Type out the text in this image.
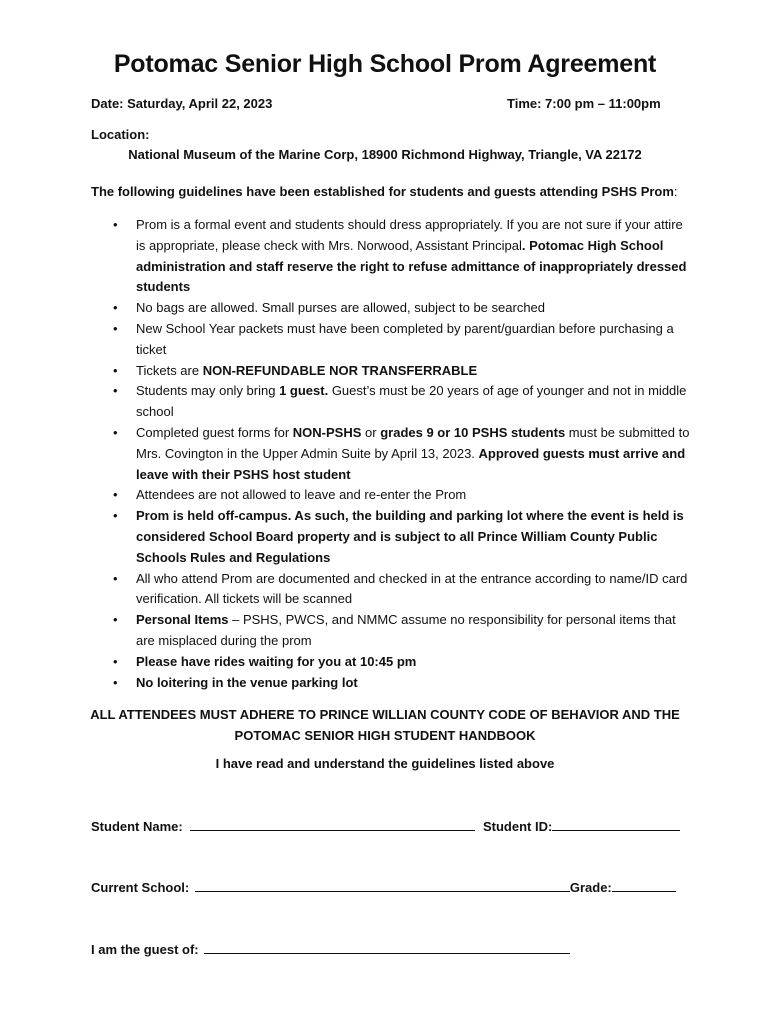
Potomac Senior High School Prom Agreement
Date: Saturday, April 22, 2023	Time: 7:00 pm – 11:00pm
Location:
National Museum of the Marine Corp, 18900 Richmond Highway, Triangle, VA 22172
The following guidelines have been established for students and guests attending PSHS Prom:
• Prom is a formal event and students should dress appropriately. If you are not sure if your attire is appropriate, please check with Mrs. Norwood, Assistant Principal. Potomac High School administration and staff reserve the right to refuse admittance of inappropriately dressed students
• No bags are allowed. Small purses are allowed, subject to be searched
• New School Year packets must have been completed by parent/guardian before purchasing a ticket
• Tickets are NON-REFUNDABLE NOR TRANSFERRABLE
• Students may only bring 1 guest. Guest’s must be 20 years of age of younger and not in middle school
• Completed guest forms for NON-PSHS or grades 9 or 10 PSHS students must be submitted to Mrs. Covington in the Upper Admin Suite by April 13, 2023. Approved guests must arrive and leave with their PSHS host student
• Attendees are not allowed to leave and re-enter the Prom
• Prom is held off-campus. As such, the building and parking lot where the event is held is considered School Board property and is subject to all Prince William County Public Schools Rules and Regulations
• All who attend Prom are documented and checked in at the entrance according to name/ID card verification. All tickets will be scanned
• Personal Items – PSHS, PWCS, and NMMC assume no responsibility for personal items that are misplaced during the prom
• Please have rides waiting for you at 10:45 pm
• No loitering in the venue parking lot
ALL ATTENDEES MUST ADHERE TO PRINCE WILLIAN COUNTY CODE OF BEHAVIOR AND THE POTOMAC SENIOR HIGH STUDENT HANDBOOK
I have read and understand the guidelines listed above
Student Name:	Student ID:
Current School:	Grade:
I am the guest of:
